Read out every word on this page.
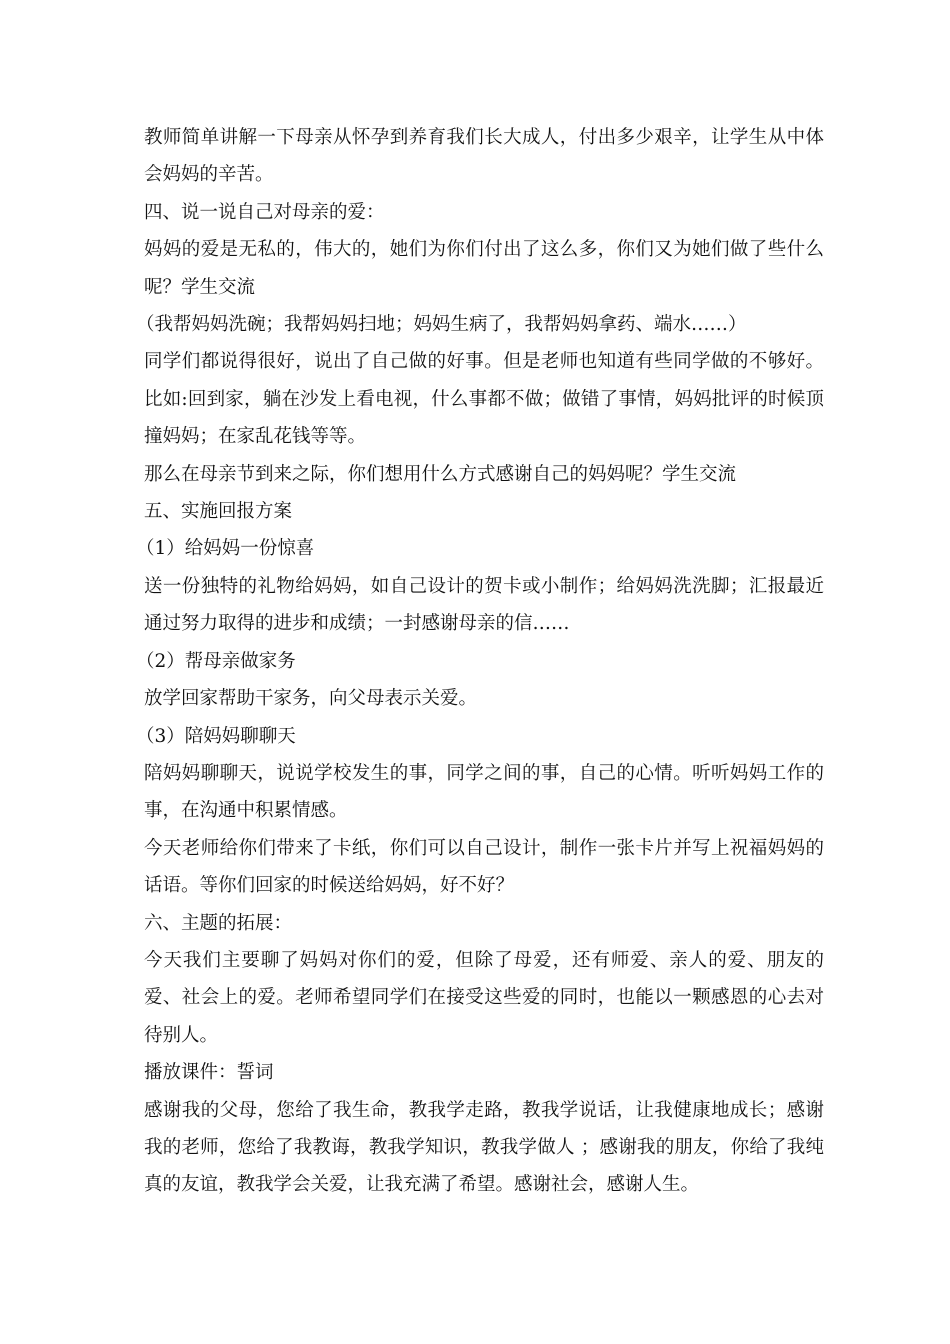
教师简单讲解一下母亲从怀孕到养育我们长大成人，付出多少艰辛，让学生从中体会妈妈的辛苦。

四、说一说自己对母亲的爱：

妈妈的爱是无私的，伟大的，她们为你们付出了这么多，你们又为她们做了些什么呢？学生交流

（我帮妈妈洗碗；我帮妈妈扫地；妈妈生病了，我帮妈妈拿药、端水……）

同学们都说得很好，说出了自己做的好事。但是老师也知道有些同学做的不够好。比如:回到家，躺在沙发上看电视，什么事都不做；做错了事情，妈妈批评的时候顶撞妈妈；在家乱花钱等等。

那么在母亲节到来之际，你们想用什么方式感谢自己的妈妈呢？学生交流

五、实施回报方案

（1）给妈妈一份惊喜

送一份独特的礼物给妈妈，如自己设计的贺卡或小制作；给妈妈洗洗脚；汇报最近通过努力取得的进步和成绩；一封感谢母亲的信……

（2）帮母亲做家务

放学回家帮助干家务，向父母表示关爱。

（3）陪妈妈聊聊天

陪妈妈聊聊天，说说学校发生的事，同学之间的事，自己的心情。听听妈妈工作的事，在沟通中积累情感。

今天老师给你们带来了卡纸，你们可以自己设计，制作一张卡片并写上祝福妈妈的话语。等你们回家的时候送给妈妈，好不好？

六、主题的拓展：

今天我们主要聊了妈妈对你们的爱，但除了母爱，还有师爱、亲人的爱、朋友的爱、社会上的爱。老师希望同学们在接受这些爱的同时，也能以一颗感恩的心去对待别人。

播放课件：誓词

感谢我的父母，您给了我生命，教我学走路，教我学说话，让我健康地成长；感谢我的老师，您给了我教诲，教我学知识，教我学做人 ；感谢我的朋友，你给了我纯真的友谊，教我学会关爱，让我充满了希望。感谢社会，感谢人生。
